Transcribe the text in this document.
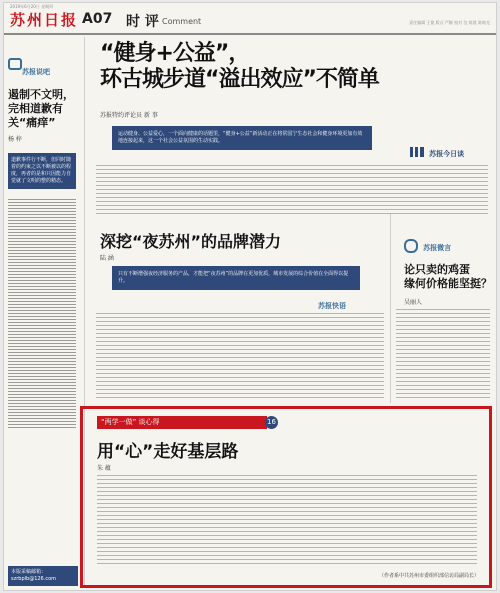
2019年6月20日 星期四
苏州日报 A07 时 评 Comment	责任编辑 王俊 版式 严颖 校对 沈 陈凯 陈焕光
苏报说吧
遏制不文明，完相道歉有关“痛痒”
杨 梓
道歉事件行不断，但同时随着的约束之以不断被以的程度，再者的是和只因能力自觉就了文明的整的精态。
本版采稿邮箱：szrbplb@126.com
“健身+公益”，
环古城步道“溢出效应”不简单
苏报特约评论员 新 事
运动健身、公益爱心，一个面向健康的话题里，“健身+公益”新活动正在将常国宁生态社会和健身环境更加有效地连接起来，这一个社会公益氛围的生动实践。
苏报今日谈
深挖“夜苏州”的品牌潜力
陆 涵
只有不断增强夜经济服务的产品，才能把“夜苏州”的品牌在更加优质，城市发展的综合价值在全面得以提升。
苏报快语
苏报微言
论只卖的鸡蛋
缘何价格能坚挺？
吴丽人
“两学一做” 谈心得	16
用“心”走好基层路
朱 蕴
（作者系中共苏州市委组织部信访局副局长）
